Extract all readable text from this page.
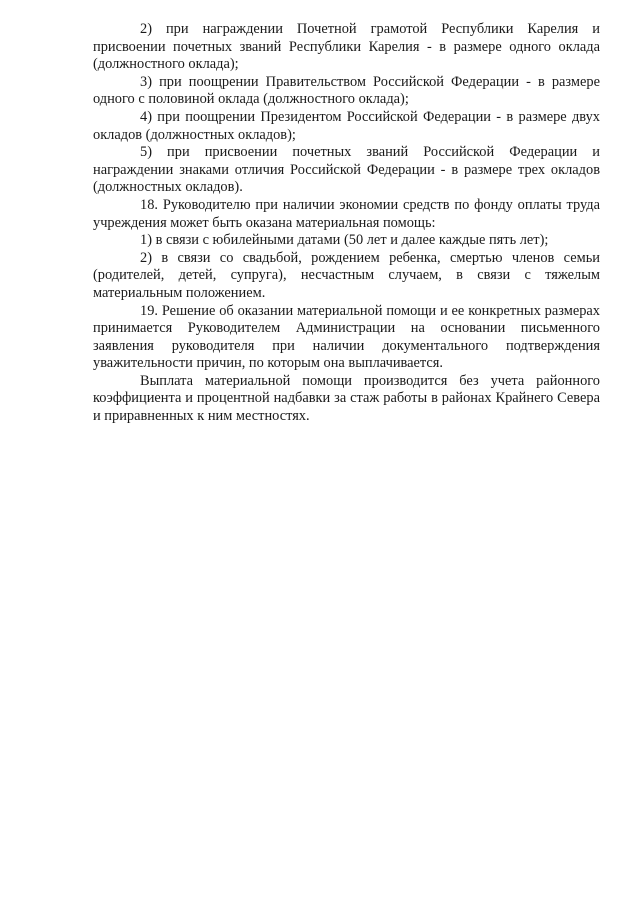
2) при награждении Почетной грамотой Республики Карелия и присвоении почетных званий Республики Карелия - в размере одного оклада (должностного оклада);

3) при поощрении Правительством Российской Федерации - в размере одного с половиной оклада (должностного оклада);

4) при поощрении Президентом Российской Федерации - в размере двух окладов (должностных окладов);

5) при присвоении почетных званий Российской Федерации и награждении знаками отличия Российской Федерации - в размере трех окладов (должностных окладов).

18. Руководителю при наличии экономии средств по фонду оплаты труда учреждения может быть оказана материальная помощь:

1) в связи с юбилейными датами (50 лет и далее каждые пять лет);

2) в связи со свадьбой, рождением ребенка, смертью членов семьи (родителей, детей, супруга), несчастным случаем, в связи с тяжелым материальным положением.

19. Решение об оказании материальной помощи и ее конкретных размерах принимается Руководителем Администрации на основании письменного заявления руководителя при наличии документального подтверждения уважительности причин, по которым она выплачивается.

Выплата материальной помощи производится без учета районного коэффициента и процентной надбавки за стаж работы в районах Крайнего Севера и приравненных к ним местностях.
